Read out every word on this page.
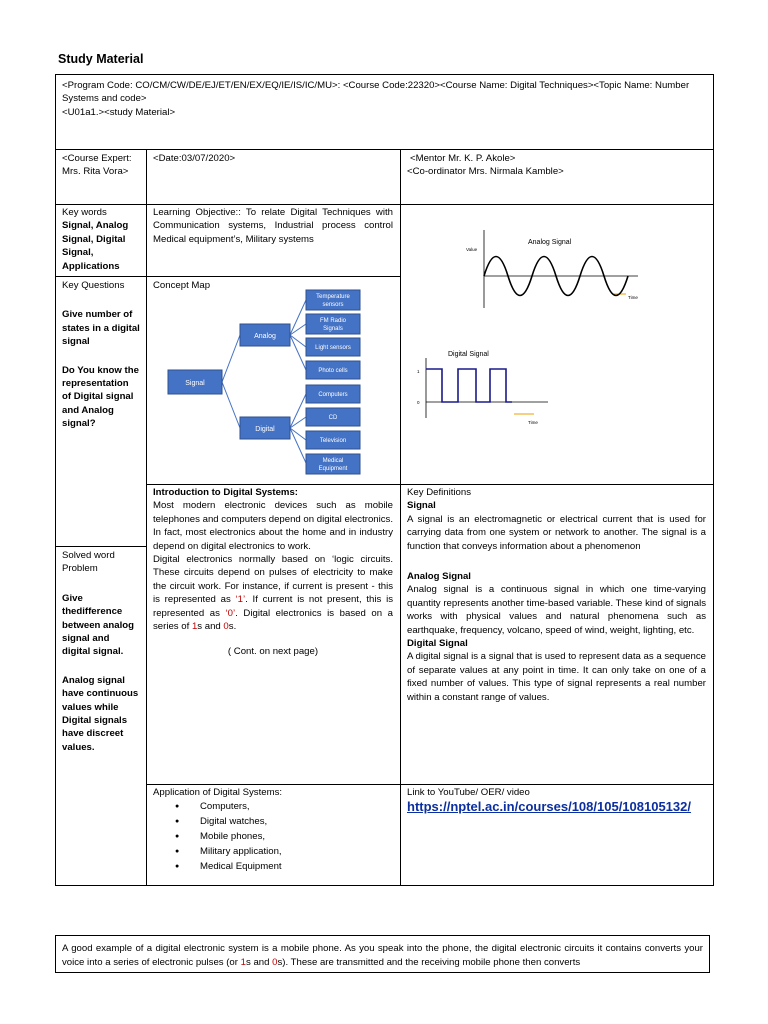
Study Material
<Program Code: CO/CM/CW/DE/EJ/ET/EN/EX/EQ/IE/IS/IC/MU>: <Course Code:22320><Course Name: Digital Techniques><Topic Name: Number Systems and code>
<U01a1.><study Material>
<Course Expert:
Mrs. Rita Vora>
<Date:03/07/2020>	<Mentor Mr. K. P. Akole>
<Co-ordinator Mrs. Nirmala Kamble>
Key words
Signal, Analog Signal, Digital Signal, Applications
Learning Objective:: To relate Digital Techniques with Communication systems, Industrial process control Medical equipment’s, Military systems
Key Questions
Give number of states in a digital signal
Do You know the representation of Digital signal and Analog signal?
Concept Map
Signal
Analog
Digital
Temperature
sensors
FM Radio
Signals
Light sensors
Photo cells
Computers
CD
Television
Medical
Equipment
Analog Signal
Value
Time
Digital Signal
1
0
Time
Solved word Problem
Give thedifference between analog signal and digital signal.
Analog signal have continuous values while Digital signals have discreet values.
Introduction to Digital Systems:
Most modern electronic devices such as mobile telephones and computers depend on digital electronics. In fact, most electronics about the home and in industry depend on digital electronics to work.
Digital electronics normally based on ‘logic circuits. These circuits depend on pulses of electricity to make the circuit work. For instance, if current is present - this is represented as ‘1’. If current is not present, this is represented as ‘0’. Digital electronics is based on a series of 1s and 0s.
( Cont. on next page)
Key Definitions
Signal
A signal is an electromagnetic or electrical current that is used for carrying data from one system or network to another. The signal is a function that conveys information about a phenomenon
Analog Signal
Analog signal is a continuous signal in which one time-varying quantity represents another time-based variable. These kind of signals works with physical values and natural phenomena such as earthquake, frequency, volcano, speed of wind, weight, lighting, etc.
Digital Signal
A digital signal is a signal that is used to represent data as a sequence of separate values at any point in time. It can only take on one of a fixed number of values. This type of signal represents a real number within a constant range of values.
Application of Digital Systems:
● Computers,
● Digital watches,
● Mobile phones,
● Military application,
● Medical Equipment
Link to YouTube/ OER/ video
https://nptel.ac.in/courses/108/105/108105132/
A good example of a digital electronic system is a mobile phone. As you speak into the phone, the digital electronic circuits it contains converts your voice into a series of electronic pulses (or 1s and 0s). These are transmitted and the receiving mobile phone then converts
